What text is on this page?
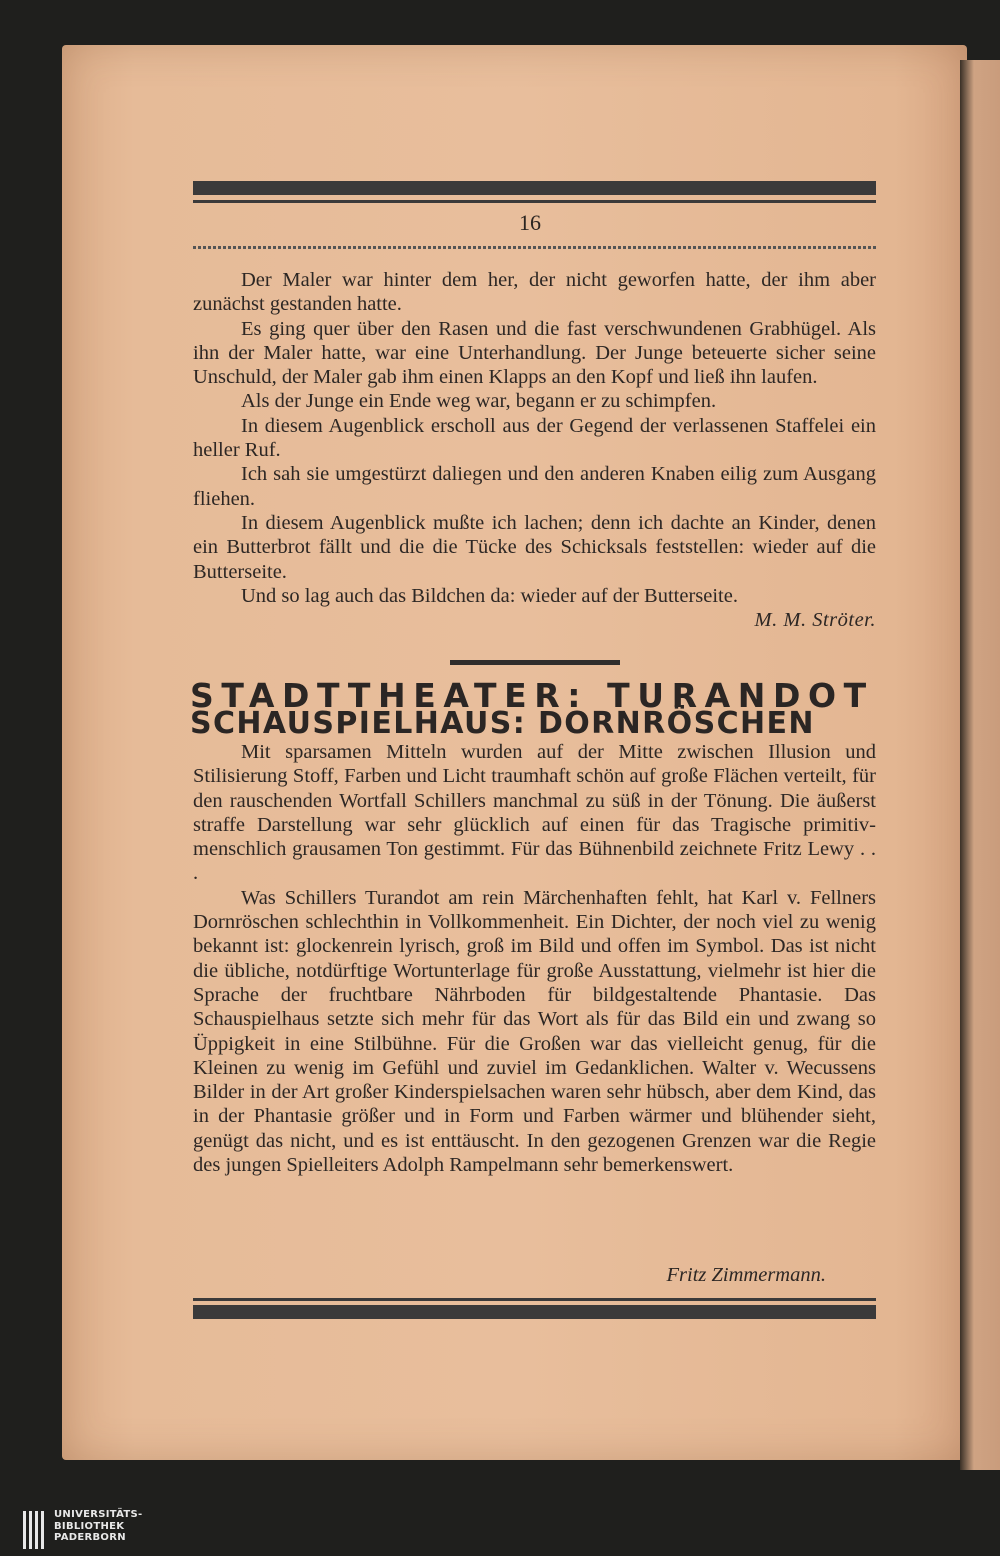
16

Der Maler war hinter dem her, der nicht geworfen hatte, der ihm aber zunächst gestanden hatte.

Es ging quer über den Rasen und die fast verschwundenen Grabhügel. Als ihn der Maler hatte, war eine Unterhandlung. Der Junge beteuerte sicher seine Unschuld, der Maler gab ihm einen Klapps an den Kopf und ließ ihn laufen.

Als der Junge ein Ende weg war, begann er zu schimpfen.

In diesem Augenblick erscholl aus der Gegend der verlassenen Staffelei ein heller Ruf.

Ich sah sie umgestürzt daliegen und den anderen Knaben eilig zum Ausgang fliehen.

In diesem Augenblick mußte ich lachen; denn ich dachte an Kinder, denen ein Butterbrot fällt und die die Tücke des Schicksals feststellen: wieder auf die Butterseite.

Und so lag auch das Bildchen da: wieder auf der Butterseite.
M. M. Ströter.

STADTTHEATER: TURANDOT
SCHAUSPIELHAUS: DORNRÖSCHEN

Mit sparsamen Mitteln wurden auf der Mitte zwischen Illusion und Stilisierung Stoff, Farben und Licht traumhaft schön auf große Flächen verteilt, für den rauschenden Wortfall Schillers manchmal zu süß in der Tönung. Die äußerst straffe Darstellung war sehr glücklich auf einen für das Tragische primitiv-menschlich grausamen Ton gestimmt. Für das Bühnenbild zeichnete Fritz Lewy . . .

Was Schillers Turandot am rein Märchenhaften fehlt, hat Karl v. Fellners Dornröschen schlechthin in Vollkommenheit. Ein Dichter, der noch viel zu wenig bekannt ist: glockenrein lyrisch, groß im Bild und offen im Symbol. Das ist nicht die übliche, notdürftige Wortunterlage für große Ausstattung, vielmehr ist hier die Sprache der fruchtbare Nährboden für bildgestaltende Phantasie. Das Schauspielhaus setzte sich mehr für das Wort als für das Bild ein und zwang so Üppigkeit in eine Stilbühne. Für die Großen war das vielleicht genug, für die Kleinen zu wenig im Gefühl und zuviel im Gedanklichen. Walter v. Wecussens Bilder in der Art großer Kinderspielsachen waren sehr hübsch, aber dem Kind, das in der Phantasie größer und in Form und Farben wärmer und blühender sieht, genügt das nicht, und es ist enttäuscht. In den gezogenen Grenzen war die Regie des jungen Spielleiters Adolph Rampelmann sehr bemerkenswert.

Fritz Zimmermann.
UNIVERSITÄTS-
BIBLIOTHEK
PADERBORN
